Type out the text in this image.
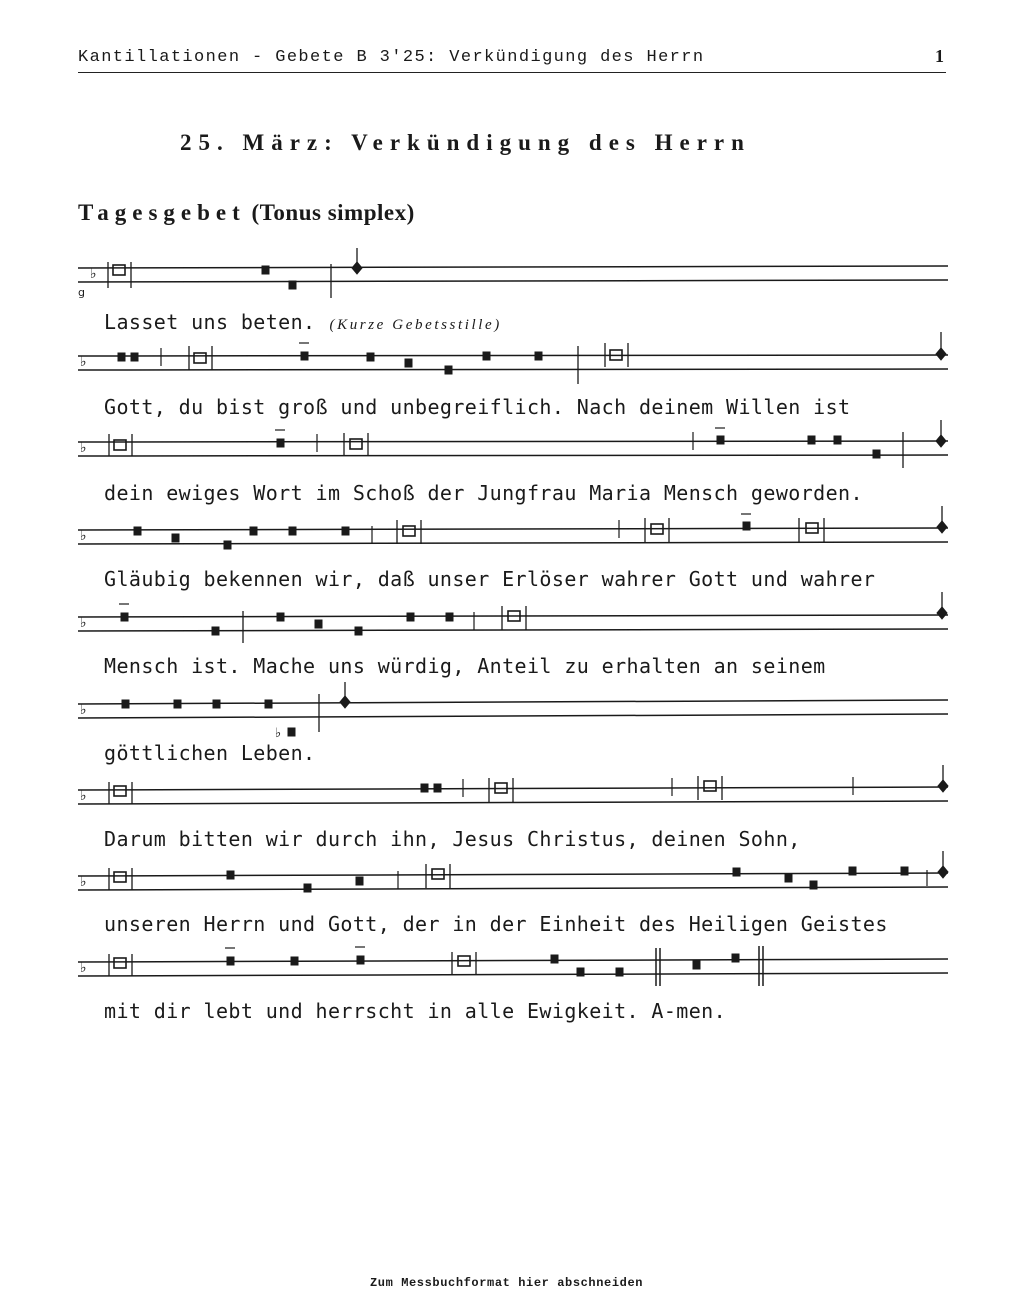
Kantillationen - Gebete B 3'25: Verkündigung des Herrn	1
25. März: Verkündigung des Herrn
Tagesgebet (Tonus simplex)
♭
g
♭
♭
♭
♭
♭
♭
♭
♭
♭
Lasset uns beten. (Kurze Gebetsstille)
Gott, du bist groß und unbegreiflich. Nach deinem Willen ist
dein ewiges Wort im Schoß der Jungfrau Maria Mensch geworden.
Gläubig bekennen wir, daß unser Erlöser wahrer Gott und wahrer
Mensch ist. Mache uns würdig, Anteil zu erhalten an seinem
göttlichen Leben.
Darum bitten wir durch ihn, Jesus Christus, deinen Sohn,
unseren Herrn und Gott, der in der Einheit des Heiligen Geistes
mit dir lebt und herrscht in alle Ewigkeit. A-men.
Zum Messbuchformat hier abschneiden
